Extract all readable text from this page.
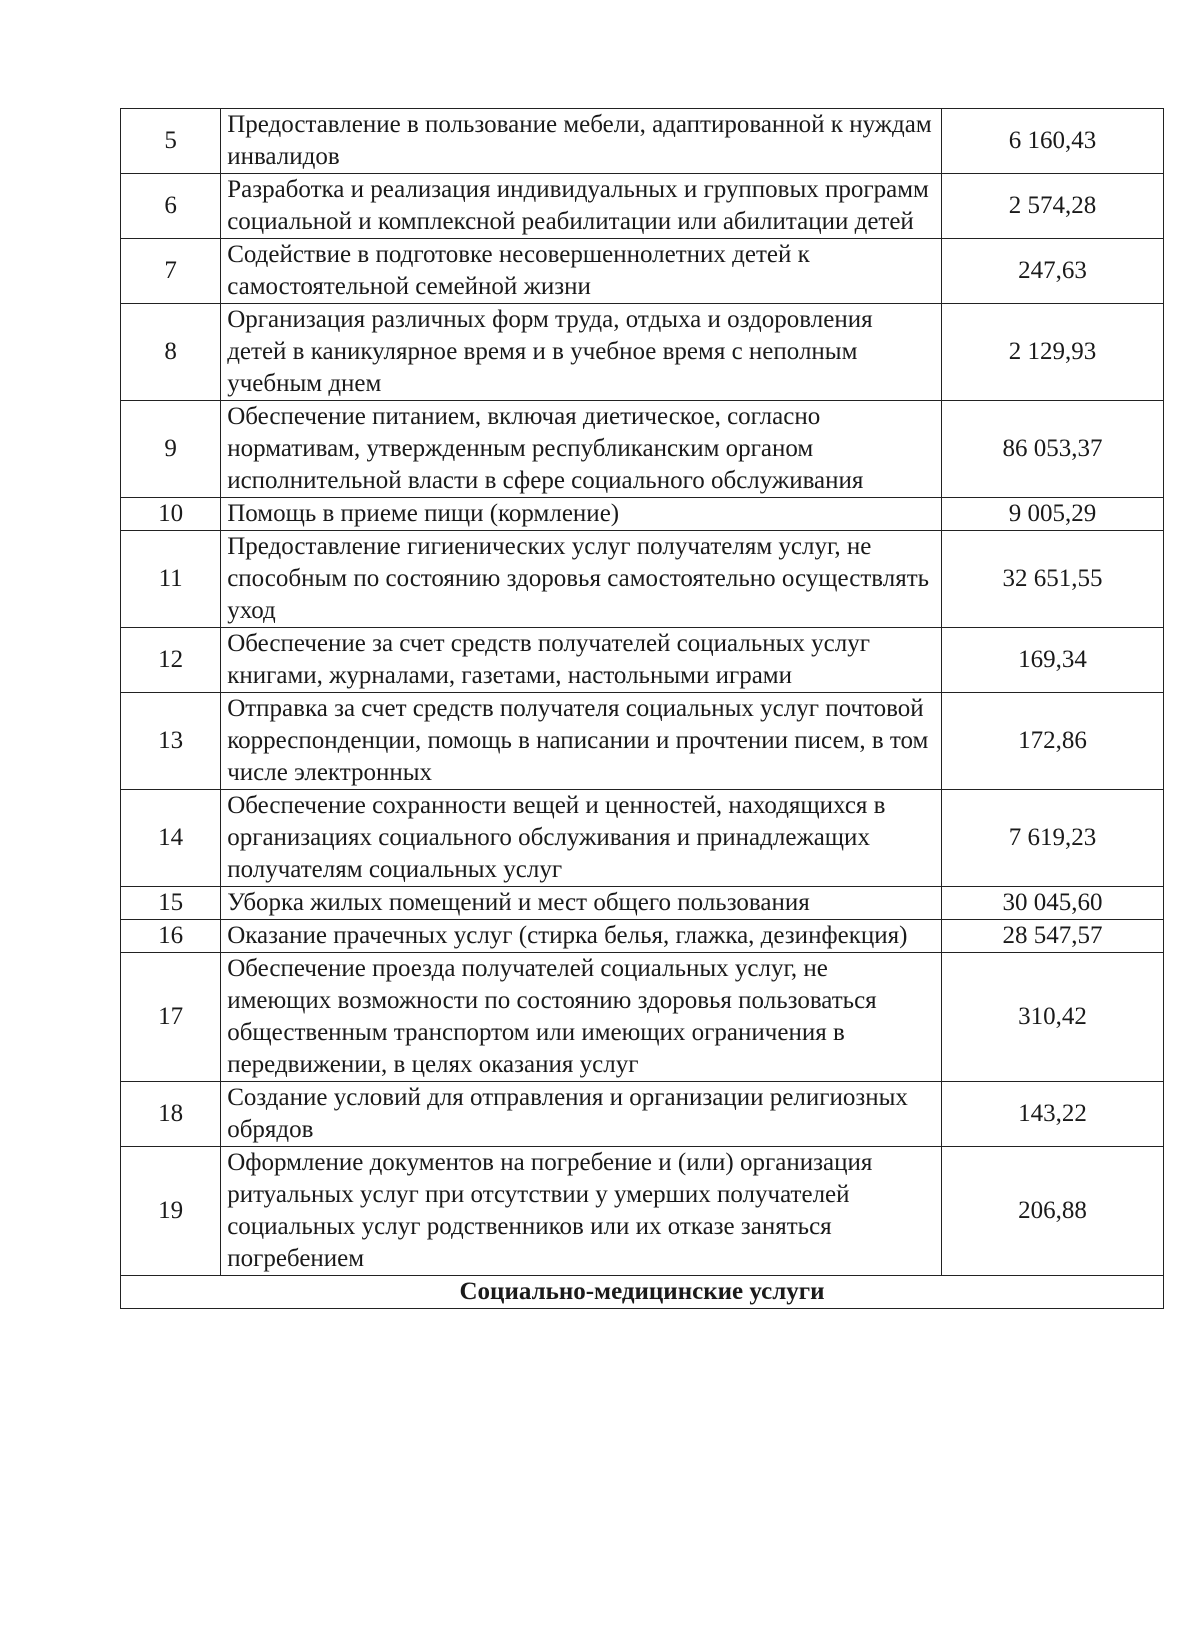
5	Предоставление в пользование мебели, адаптированной к нуждам инвалидов	6 160,43
6	Разработка и реализация индивидуальных и групповых программ социальной и комплексной реабилитации или абилитации детей	2 574,28
7	Содействие в подготовке несовершеннолетних детей к самостоятельной семейной жизни	247,63
8	Организация различных форм труда, отдыха и оздоровления детей в каникулярное время и в учебное время с неполным учебным днем	2 129,93
9	Обеспечение питанием, включая диетическое, согласно нормативам, утвержденным республиканским органом исполнительной власти в сфере социального обслуживания	86 053,37
10	Помощь в приеме пищи (кормление)	9 005,29
11	Предоставление гигиенических услуг получателям услуг, не способным по состоянию здоровья самостоятельно осуществлять уход	32 651,55
12	Обеспечение за счет средств получателей социальных услуг книгами, журналами, газетами, настольными играми	169,34
13	Отправка за счет средств получателя социальных услуг почтовой корреспонденции, помощь в написании и прочтении писем, в том числе электронных	172,86
14	Обеспечение сохранности вещей и ценностей, находящихся в организациях социального обслуживания и принадлежащих получателям социальных услуг	7 619,23
15	Уборка жилых помещений и мест общего пользования	30 045,60
16	Оказание прачечных услуг (стирка белья, глажка, дезинфекция)	28 547,57
17	Обеспечение проезда получателей социальных услуг, не имеющих возможности по состоянию здоровья пользоваться общественным транспортом или имеющих ограничения в передвижении, в целях оказания услуг	310,42
18	Создание условий для отправления и организации религиозных обрядов	143,22
19	Оформление документов на погребение и (или) организация ритуальных услуг при отсутствии у умерших получателей социальных услуг родственников или их отказе заняться погребением	206,88
Социально-медицинские услуги		
